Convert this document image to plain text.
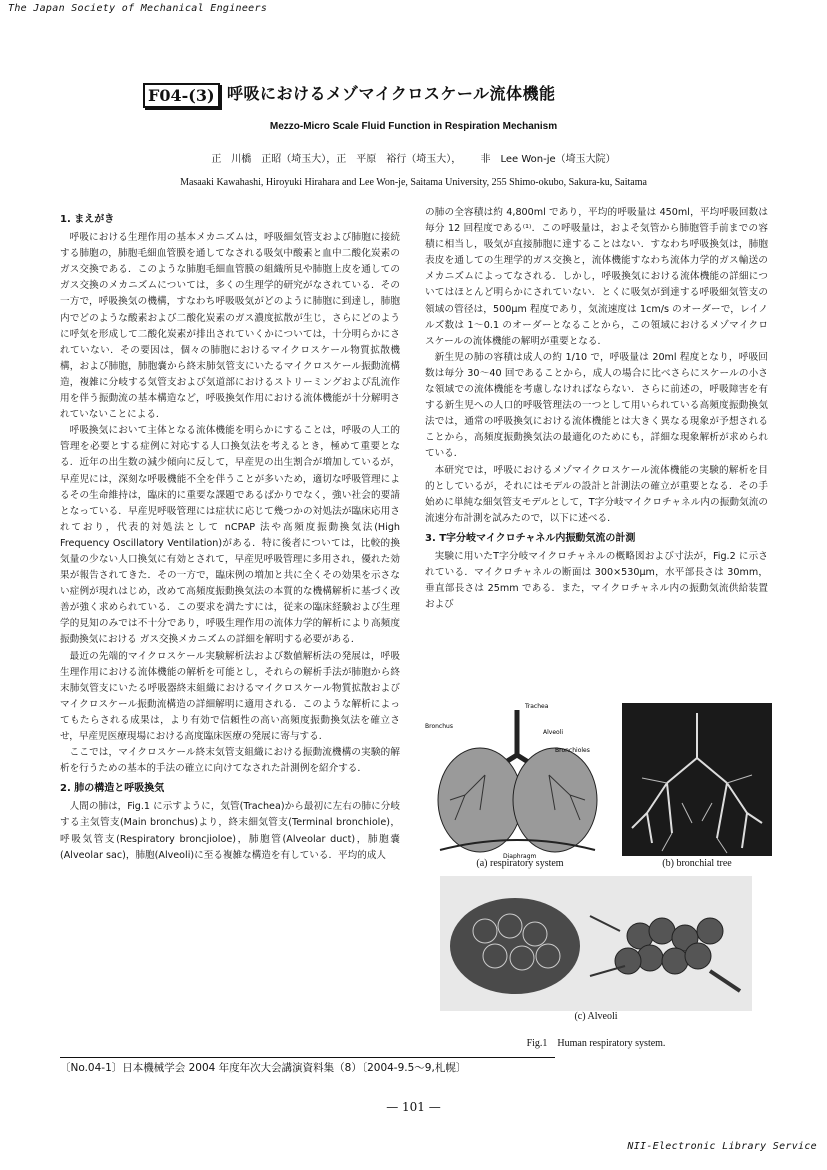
The Japan Society of Mechanical Engineers
F04-(3) 呼吸におけるメゾマイクロスケール流体機能
Mezzo-Micro Scale Fluid Function in Respiration Mechanism
正　川橋　正昭（埼玉大），正　平原　裕行（埼玉大）， 非　Lee Won-je（埼玉大院）
Masaaki Kawahashi, Hiroyuki Hirahara and Lee Won-je, Saitama University, 255 Shimo-okubo, Sakura-ku, Saitama

1. まえがき

呼吸における生理作用の基本メカニズムは，呼吸細気管支および肺胞に接続する肺胞の，肺胞毛細血管膜を通してなされる吸気中酸素と血中二酸化炭素のガス交換である．このような肺胞毛細血管膜の組織所見や肺胞上皮を通してのガス交換のメカニズムについては，多くの生理学的研究がなされている．その一方で，呼吸換気の機構，すなわち呼吸吸気がどのように肺胞に到達し，肺胞内でどのような酸素および二酸化炭素のガス濃度拡散が生じ，さらにどのように呼気を形成して二酸化炭素が排出されていくかについては，十分明らかにされていない．その要因は，個々の肺胞におけるマイクロスケール物質拡散機構，および肺胞，肺胞嚢から終末肺気管支にいたるマイクロスケール振動流構造，複雑に分岐する気管支および気道部におけるストリーミングおよび乱流作用を伴う振動流の基本構造など，呼吸換気作用における流体機能が十分解明されていないことによる．

呼吸換気において主体となる流体機能を明らかにすることは，呼吸の人工的管理を必要とする症例に対応する人口換気法を考えるとき，極めて重要となる．近年の出生数の減少傾向に反して，早産児の出生割合が増加しているが，早産児には，深刻な呼吸機能不全を伴うことが多いため，適切な呼吸管理によるその生命維持は，臨床的に重要な課題であるばかりでなく，強い社会的要請となっている．早産児呼吸管理には症状に応じて幾つかの対処法が臨床応用されており，代表的対処法として nCPAP 法や高頻度振動換気法(High Frequency Oscillatory Ventilation)がある．特に後者については，比較的換気量の少ない人口換気に有効とされて，早産児呼吸管理に多用され，優れた効果が報告されてきた．その一方で，臨床例の増加と共に全くその効果を示さない症例が現れはじめ，改めて高頻度振動換気法の本質的な機構解析に基づく改善が強く求められている．この要求を満たすには，従来の臨床経験および生理学的見知のみでは不十分であり，呼吸生理作用の流体力学的解析により高頻度振動換気における ガス交換メカニズムの詳細を解明する必要がある．

最近の先端的マイクロスケール実験解析法および数値解析法の発展は，呼吸生理作用における流体機能の解析を可能とし，それらの解析手法が肺胞から終末肺気管支にいたる呼吸器終末組織におけるマイクロスケール物質拡散およびマイクロスケール振動流構造の詳細解明に適用される．このような解析によってもたらされる成果は，より有効で信頼性の高い高頻度振動換気法を確立させ，早産児医療現場における高度臨床医療の発展に寄与する．

ここでは，マイクロスケール終末気管支組織における振動流機構の実験的解析を行うための基本的手法の確立に向けてなされた計測例を紹介する．

2. 肺の構造と呼吸換気

人間の肺は，Fig.1 に示すように，気管(Trachea)から最初に左右の肺に分岐する主気管支(Main bronchus)より，終末細気管支(Terminal bronchiole)，呼吸気管支(Respiratory broncjioloe)，肺胞管(Alveolar duct)，肺胞嚢(Alveolar sac)，肺胞(Alveoli)に至る複雑な構造を有している．平均的成人

の肺の全容積は約 4,800ml であり，平均的呼吸量は 450ml，平均呼吸回数は毎分 12 回程度である⁽¹⁾．この呼吸量は，およそ気管から肺胞管手前までの容積に相当し，吸気が直接肺胞に達することはない．すなわち呼吸換気は，肺胞表皮を通しての生理学的ガス交換と，流体機能すなわち流体力学的ガス輸送のメカニズムによってなされる．しかし，呼吸換気における流体機能の詳細についてはほとんど明らかにされていない．とくに吸気が到達する呼吸細気管支の領域の管径は，500μm 程度であり，気流速度は 1cm/s のオーダーで，レイノルズ数は 1～0.1 のオーダーとなることから，この領域におけるメゾマイクロスケールの流体機能の解明が重要となる．

新生児の肺の容積は成人の約 1/10 で，呼吸量は 20ml 程度となり，呼吸回数は毎分 30～40 回であることから，成人の場合に比べさらにスケールの小さな領域での流体機能を考慮しなければならない．さらに前述の，呼吸障害を有する新生児への人口的呼吸管理法の一つとして用いられている高頻度振動換気法では，通常の呼吸換気における流体機能とは大きく異なる現象が予想されることから，高頻度振動換気法の最適化のためにも，詳細な現象解析が求められている．

本研究では，呼吸におけるメゾマイクロスケール流体機能の実験的解析を目的としているが，それにはモデルの設計と計測法の確立が重要となる．その手始めに単純な細気管支モデルとして，T字分岐マイクロチャネル内の振動気流の流速分布計測を試みたので，以下に述べる．

3. T字分岐マイクロチャネル内振動気流の計測

実験に用いたT字分岐マイクロチャネルの概略図および寸法が，Fig.2 に示されている．マイクロチャネルの断面は 300×530μm，水平部長さは 30mm，垂直部長さは 25mm である．また，マイクロチャネル内の振動気流供給装置および

Trachea
Bronchus
Alveoli
Bronchioles
Diaphragm
(a) respiratory system	(b) bronchial tree
(c) Alveoli
Fig.1　Human respiratory system.
〔No.04-1〕日本機械学会 2004 年度年次大会講演資料集（8）〔2004-9.5～9,札幌〕
— 101 —
NII-Electronic Library Service
